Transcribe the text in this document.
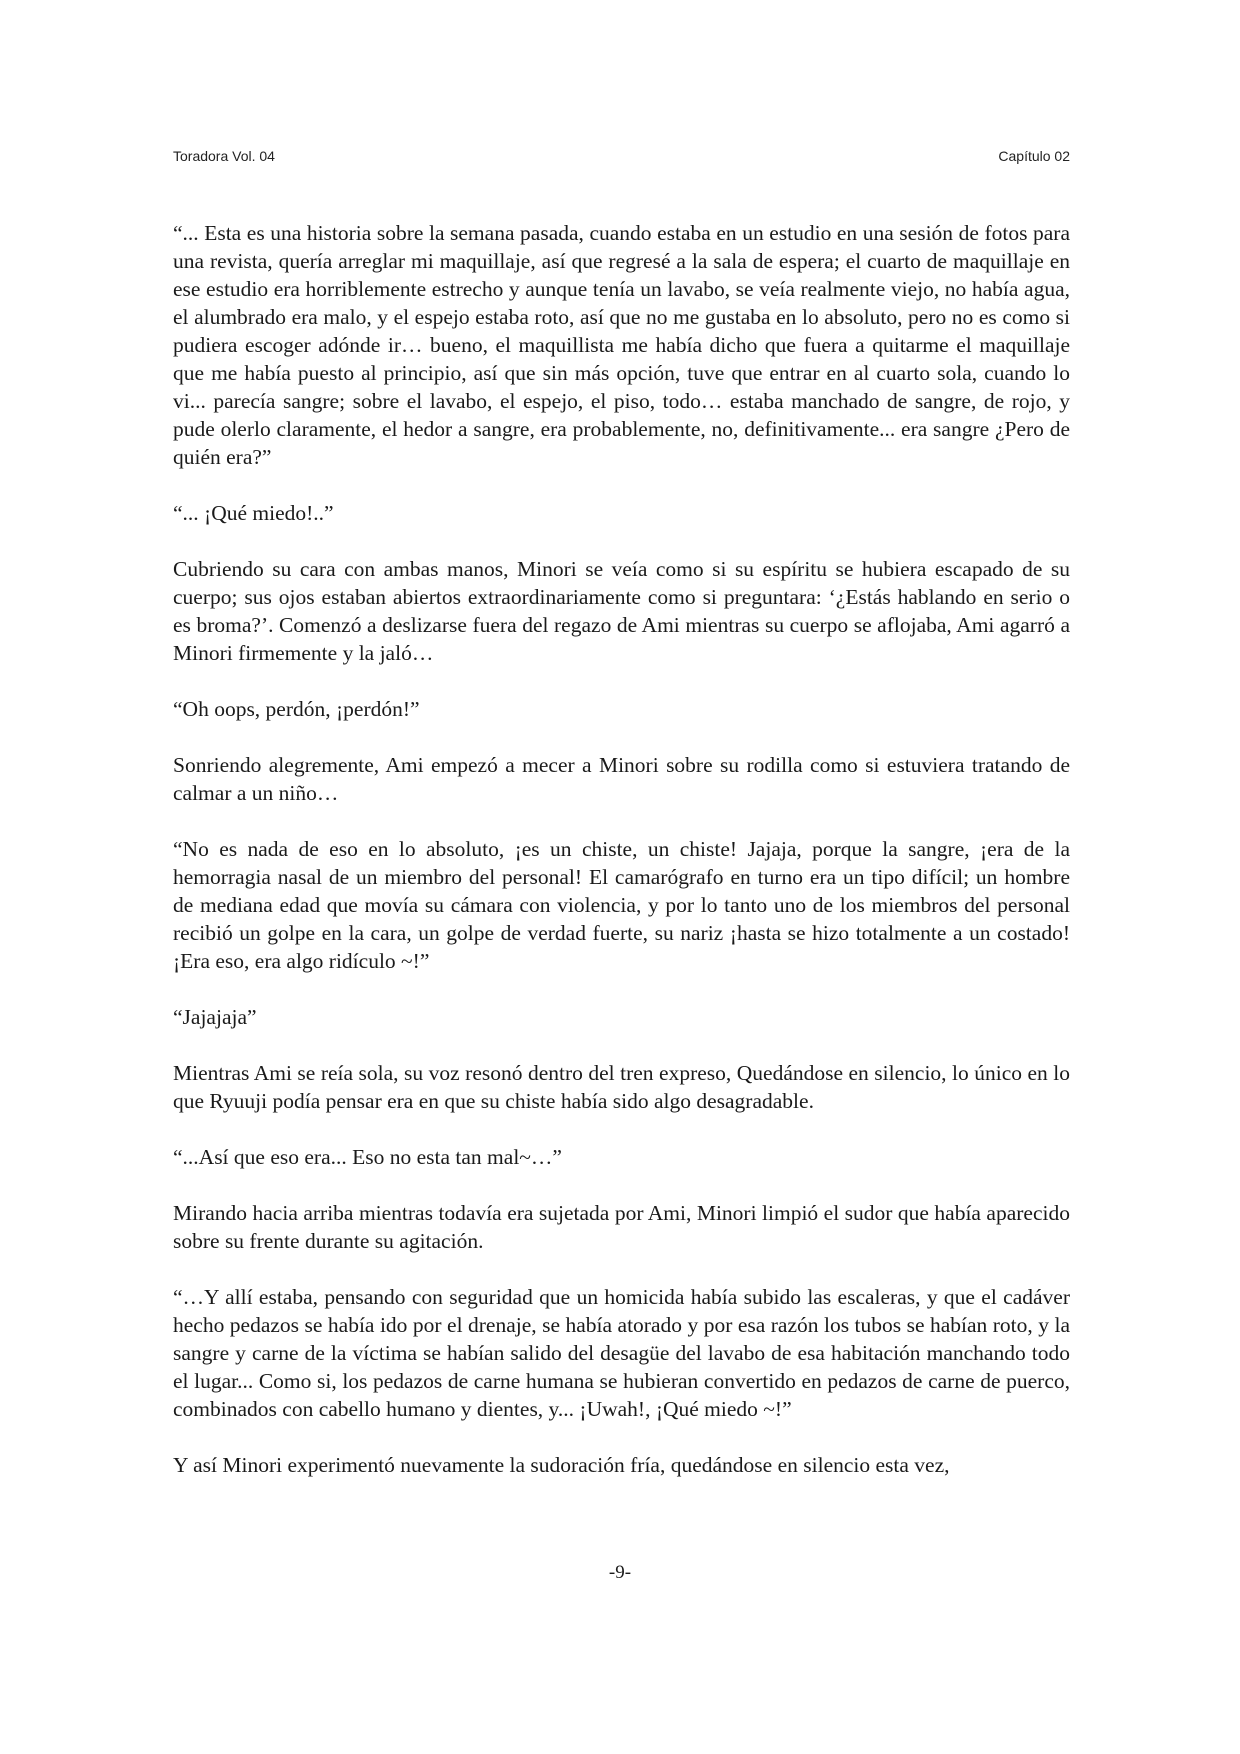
Toradora Vol. 04	Capítulo 02

“... Esta es una historia sobre la semana pasada, cuando estaba en un estudio en una sesión de fotos para una revista, quería arreglar mi maquillaje, así que regresé a la sala de espera; el cuarto de maquillaje en ese estudio era horriblemente estrecho y aunque tenía un lavabo, se veía realmente viejo, no había agua, el alumbrado era malo, y el espejo estaba roto, así que no me gustaba en lo absoluto, pero no es como si pudiera escoger adónde ir… bueno, el maquillista me había dicho que fuera a quitarme el maquillaje que me había puesto al principio, así que sin más opción, tuve que entrar en al cuarto sola, cuando lo vi... parecía sangre; sobre el lavabo, el espejo, el piso, todo… estaba manchado de sangre, de rojo, y pude olerlo claramente, el hedor a sangre, era probablemente, no, definitivamente... era sangre ¿Pero de quién era?”

“... ¡Qué miedo!..”

Cubriendo su cara con ambas manos, Minori se veía como si su espíritu se hubiera escapado de su cuerpo; sus ojos estaban abiertos extraordinariamente como si preguntara: ‘¿Estás hablando en serio o es broma?’. Comenzó a deslizarse fuera del regazo de Ami mientras su cuerpo se aflojaba, Ami agarró a Minori firmemente y la jaló…

“Oh oops, perdón, ¡perdón!”

Sonriendo alegremente, Ami empezó a mecer a Minori sobre su rodilla como si estuviera tratando de calmar a un niño…

“No es nada de eso en lo absoluto, ¡es un chiste, un chiste! Jajaja, porque la sangre, ¡era de la hemorragia nasal de un miembro del personal! El camarógrafo en turno era un tipo difícil; un hombre de mediana edad que movía su cámara con violencia, y por lo tanto uno de los miembros del personal recibió un golpe en la cara, un golpe de verdad fuerte, su nariz ¡hasta se hizo totalmente a un costado! ¡Era eso, era algo ridículo ~!”

“Jajajaja”

Mientras Ami se reía sola, su voz resonó dentro del tren expreso, Quedándose en silencio, lo único en lo que Ryuuji podía pensar era en que su chiste había sido algo desagradable.

“...Así que eso era... Eso no esta tan mal~…”

Mirando hacia arriba mientras todavía era sujetada por Ami, Minori limpió el sudor que había aparecido sobre su frente durante su agitación.

“…Y allí estaba, pensando con seguridad que un homicida había subido las escaleras, y que el cadáver hecho pedazos se había ido por el drenaje, se había atorado y por esa razón los tubos se habían roto, y la sangre y carne de la víctima se habían salido del desagüe del lavabo de esa habitación manchando todo el lugar... Como si, los pedazos de carne humana se hubieran convertido en pedazos de carne de puerco, combinados con cabello humano y dientes, y... ¡Uwah!, ¡Qué miedo ~!”

Y así Minori experimentó nuevamente la sudoración fría, quedándose en silencio esta vez,

-9-
